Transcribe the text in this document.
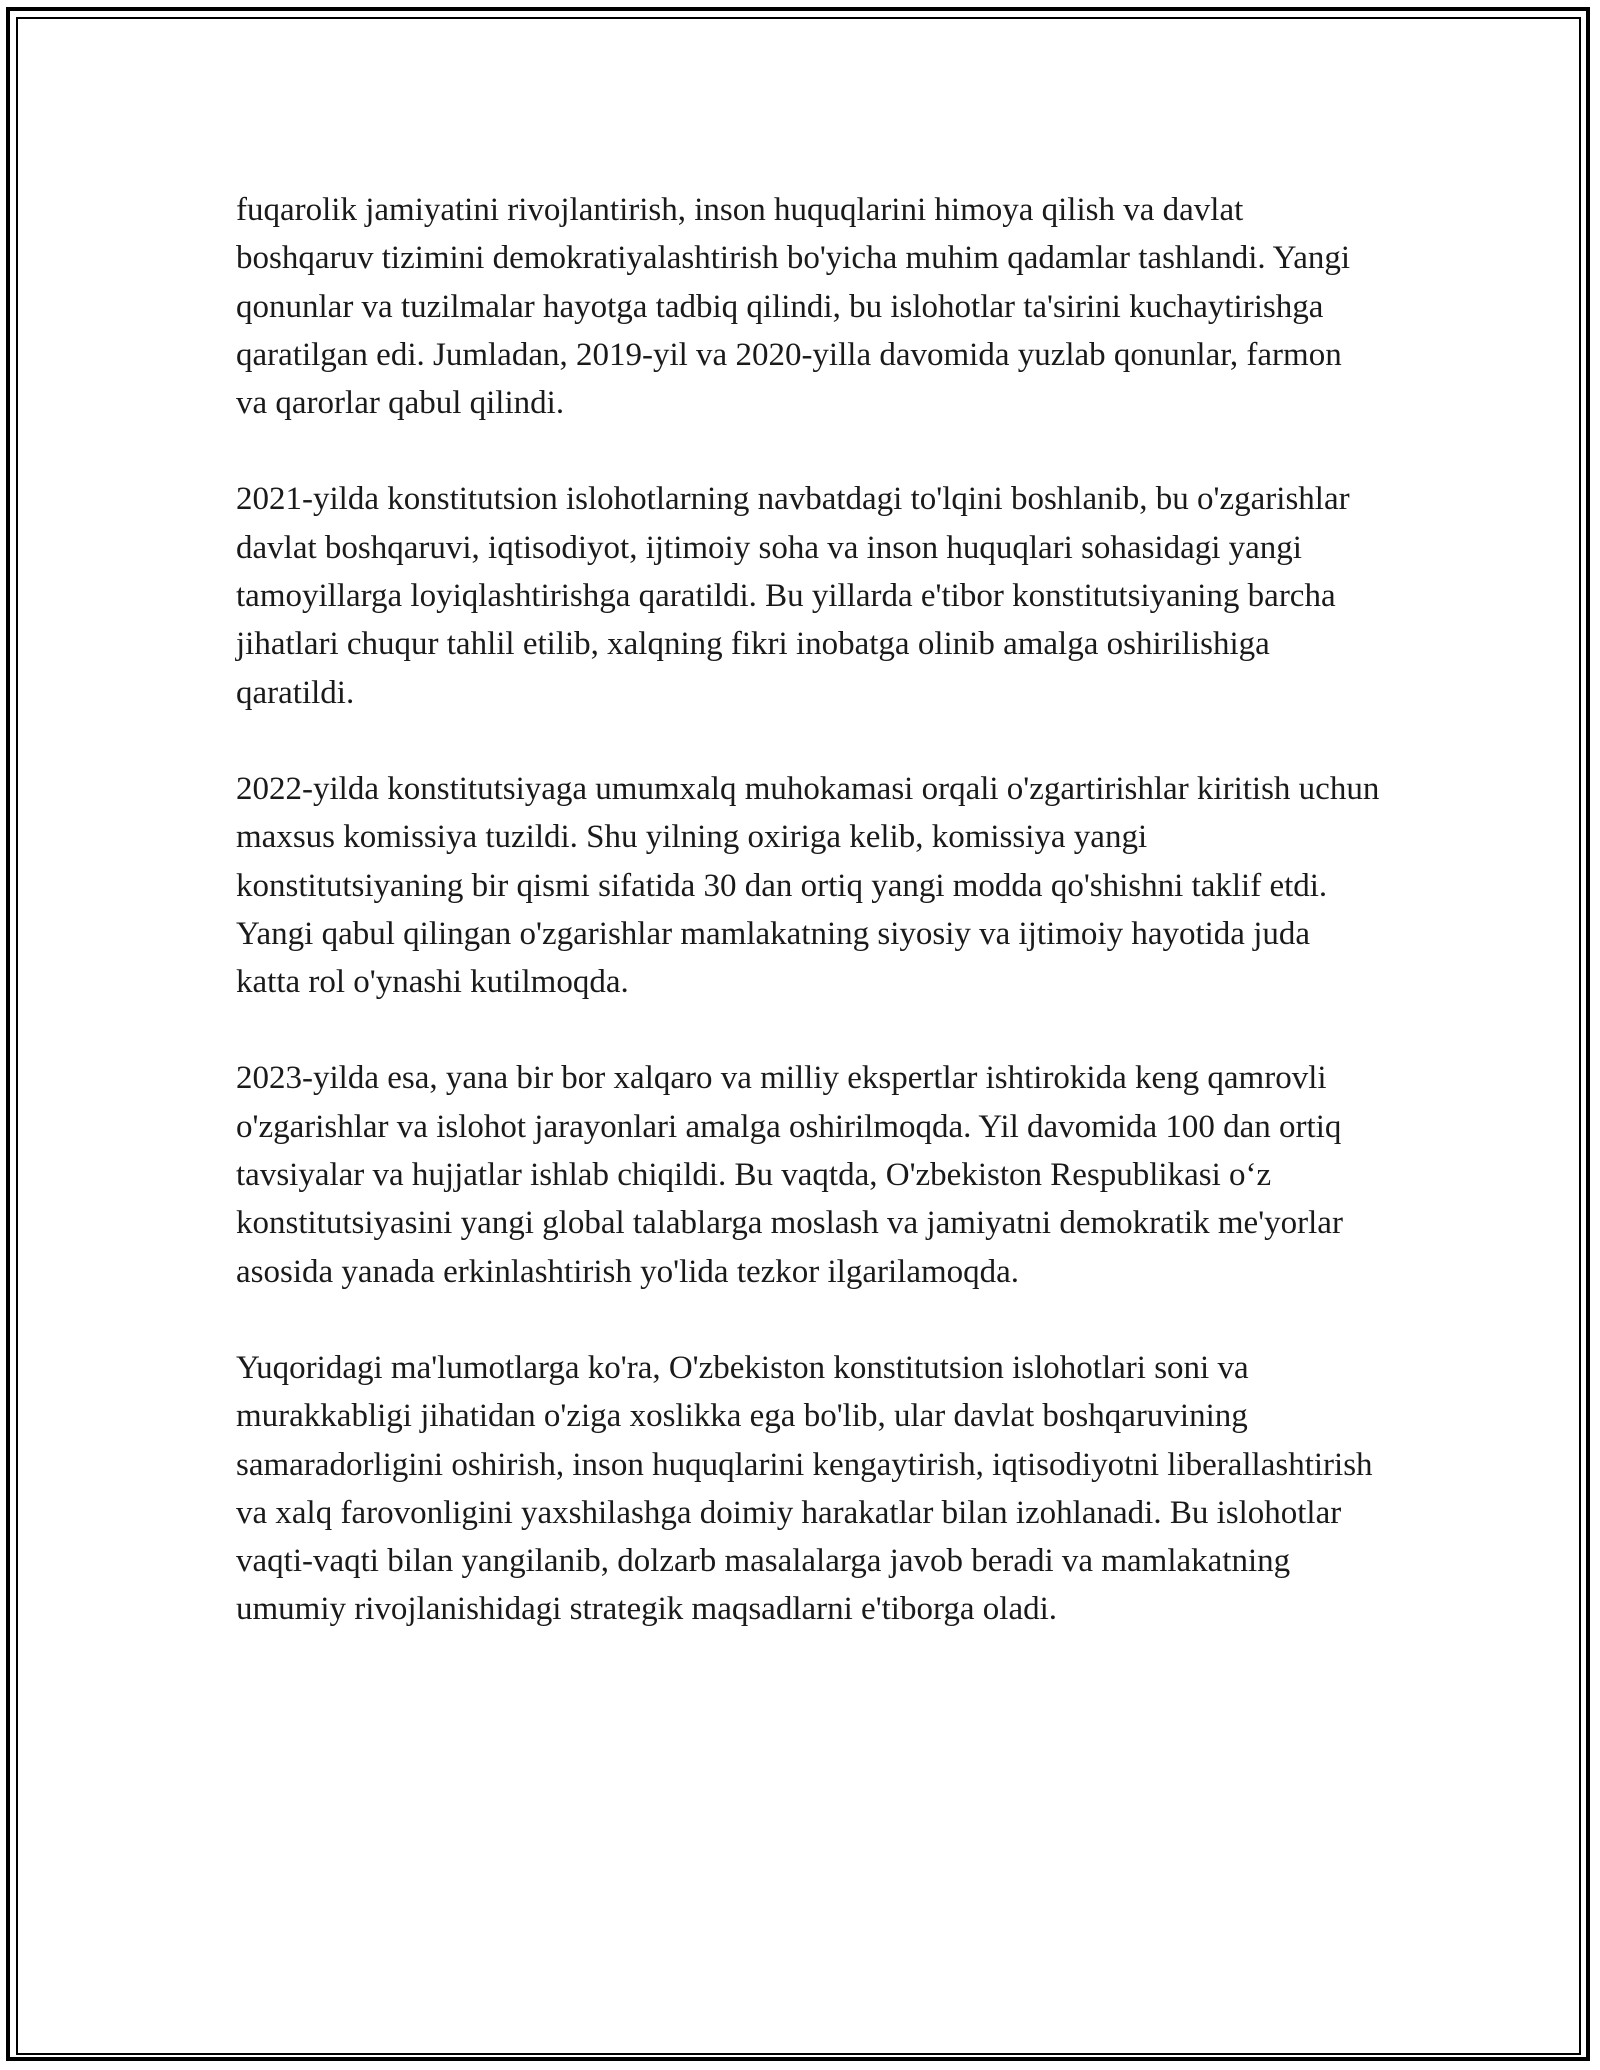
fuqarolik jamiyatini rivojlantirish, inson huquqlarini himoya qilish va davlat boshqaruv tizimini demokratiyalashtirish bo'yicha muhim qadamlar tashlandi. Yangi qonunlar va tuzilmalar hayotga tadbiq qilindi, bu islohotlar ta'sirini kuchaytirishga qaratilgan edi. Jumladan, 2019-yil va 2020-yilla davomida yuzlab qonunlar, farmon va qarorlar qabul qilindi.

2021-yilda konstitutsion islohotlarning navbatdagi to'lqini boshlanib, bu o'zgarishlar davlat boshqaruvi, iqtisodiyot, ijtimoiy soha va inson huquqlari sohasidagi yangi tamoyillarga loyiqlashtirishga qaratildi. Bu yillarda e'tibor konstitutsiyaning barcha jihatlari chuqur tahlil etilib, xalqning fikri inobatga olinib amalga oshirilishiga qaratildi.

2022-yilda konstitutsiyaga umumxalq muhokamasi orqali o'zgartirishlar kiritish uchun maxsus komissiya tuzildi. Shu yilning oxiriga kelib, komissiya yangi konstitutsiyaning bir qismi sifatida 30 dan ortiq yangi modda qo'shishni taklif etdi. Yangi qabul qilingan o'zgarishlar mamlakatning siyosiy va ijtimoiy hayotida juda katta rol o'ynashi kutilmoqda.

2023-yilda esa, yana bir bor xalqaro va milliy ekspertlar ishtirokida keng qamrovli o'zgarishlar va islohot jarayonlari amalga oshirilmoqda. Yil davomida 100 dan ortiq tavsiyalar va hujjatlar ishlab chiqildi. Bu vaqtda, O'zbekiston Respublikasi o‘z konstitutsiyasini yangi global talablarga moslash va jamiyatni demokratik me'yorlar asosida yanada erkinlashtirish yo'lida tezkor ilgarilamoqda.

Yuqoridagi ma'lumotlarga ko'ra, O'zbekiston konstitutsion islohotlari soni va murakkabligi jihatidan o'ziga xoslikka ega bo'lib, ular davlat boshqaruvining samaradorligini oshirish, inson huquqlarini kengaytirish, iqtisodiyotni liberallashtirish va xalq farovonligini yaxshilashga doimiy harakatlar bilan izohlanadi. Bu islohotlar vaqti-vaqti bilan yangilanib, dolzarb masalalarga javob beradi va mamlakatning umumiy rivojlanishidagi strategik maqsadlarni e'tiborga oladi.
